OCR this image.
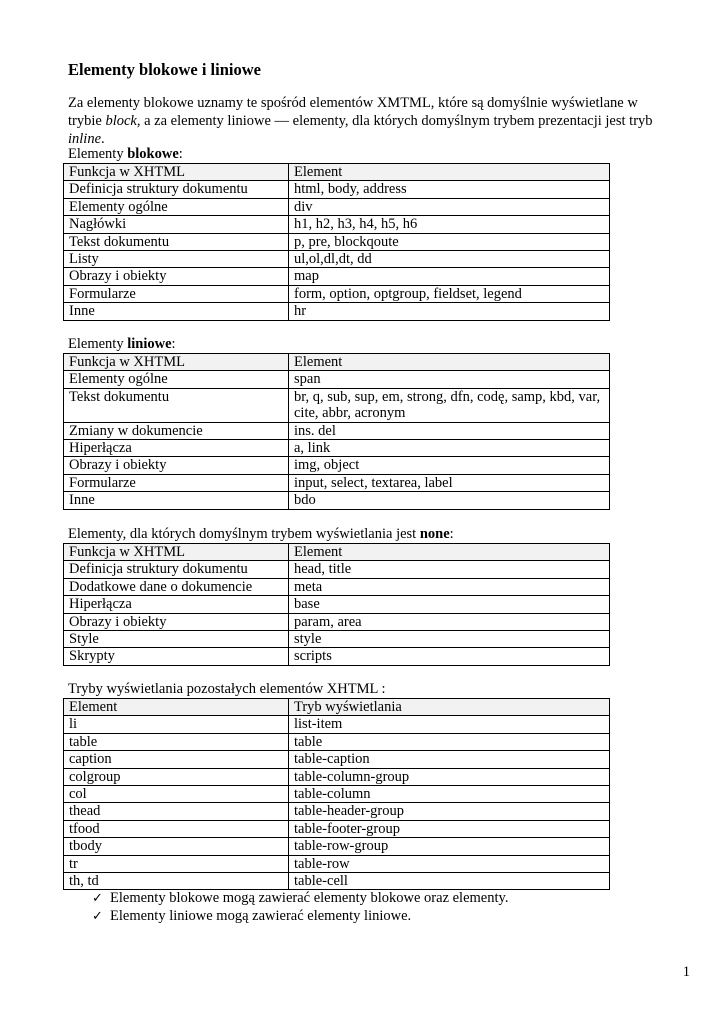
Elementy blokowe i liniowe

Za elementy blokowe uznamy te spośród elementów XMTML, które są domyślnie wyświetlane w trybie block, a za elementy liniowe — elementy, dla których domyślnym trybem prezentacji jest tryb inline.

Elementy blokowe:

Funkcja w XHTML	Element
Definicja struktury dokumentu	html, body, address
Elementy ogólne	div
Nagłówki	h1, h2, h3, h4, h5, h6
Tekst dokumentu	p, pre, blockqoute
Listy	ul,ol,dl,dt, dd
Obrazy i obiekty	map
Formularze	form, option, optgroup, fieldset, legend
Inne	hr

Elementy liniowe:

Funkcja w XHTML	Element
Elementy ogólne	span
Tekst dokumentu	br, q, sub, sup, em, strong, dfn, codę, samp, kbd, var, cite, abbr, acronym
Zmiany w dokumencie	ins. del
Hiperłącza	a, link
Obrazy i obiekty	img, object
Formularze	input, select, textarea, label
Inne	bdo

Elementy, dla których domyślnym trybem wyświetlania jest none:

Funkcja w XHTML	Element
Definicja struktury dokumentu	head, title
Dodatkowe dane o dokumencie	meta
Hiperłącza	base
Obrazy i obiekty	param, area
Style	style
Skrypty	scripts

Tryby wyświetlania pozostałych elementów XHTML :

Element	Tryb wyświetlania
li	list-item
table	table
caption	table-caption
colgroup	table-column-group
col	table-column
thead	table-header-group
tfood	table-footer-group
tbody	table-row-group
tr	table-row
th, td	table-cell
✓ Elementy blokowe mogą zawierać elementy blokowe oraz elementy.
✓ Elementy liniowe mogą zawierać elementy liniowe.

1
